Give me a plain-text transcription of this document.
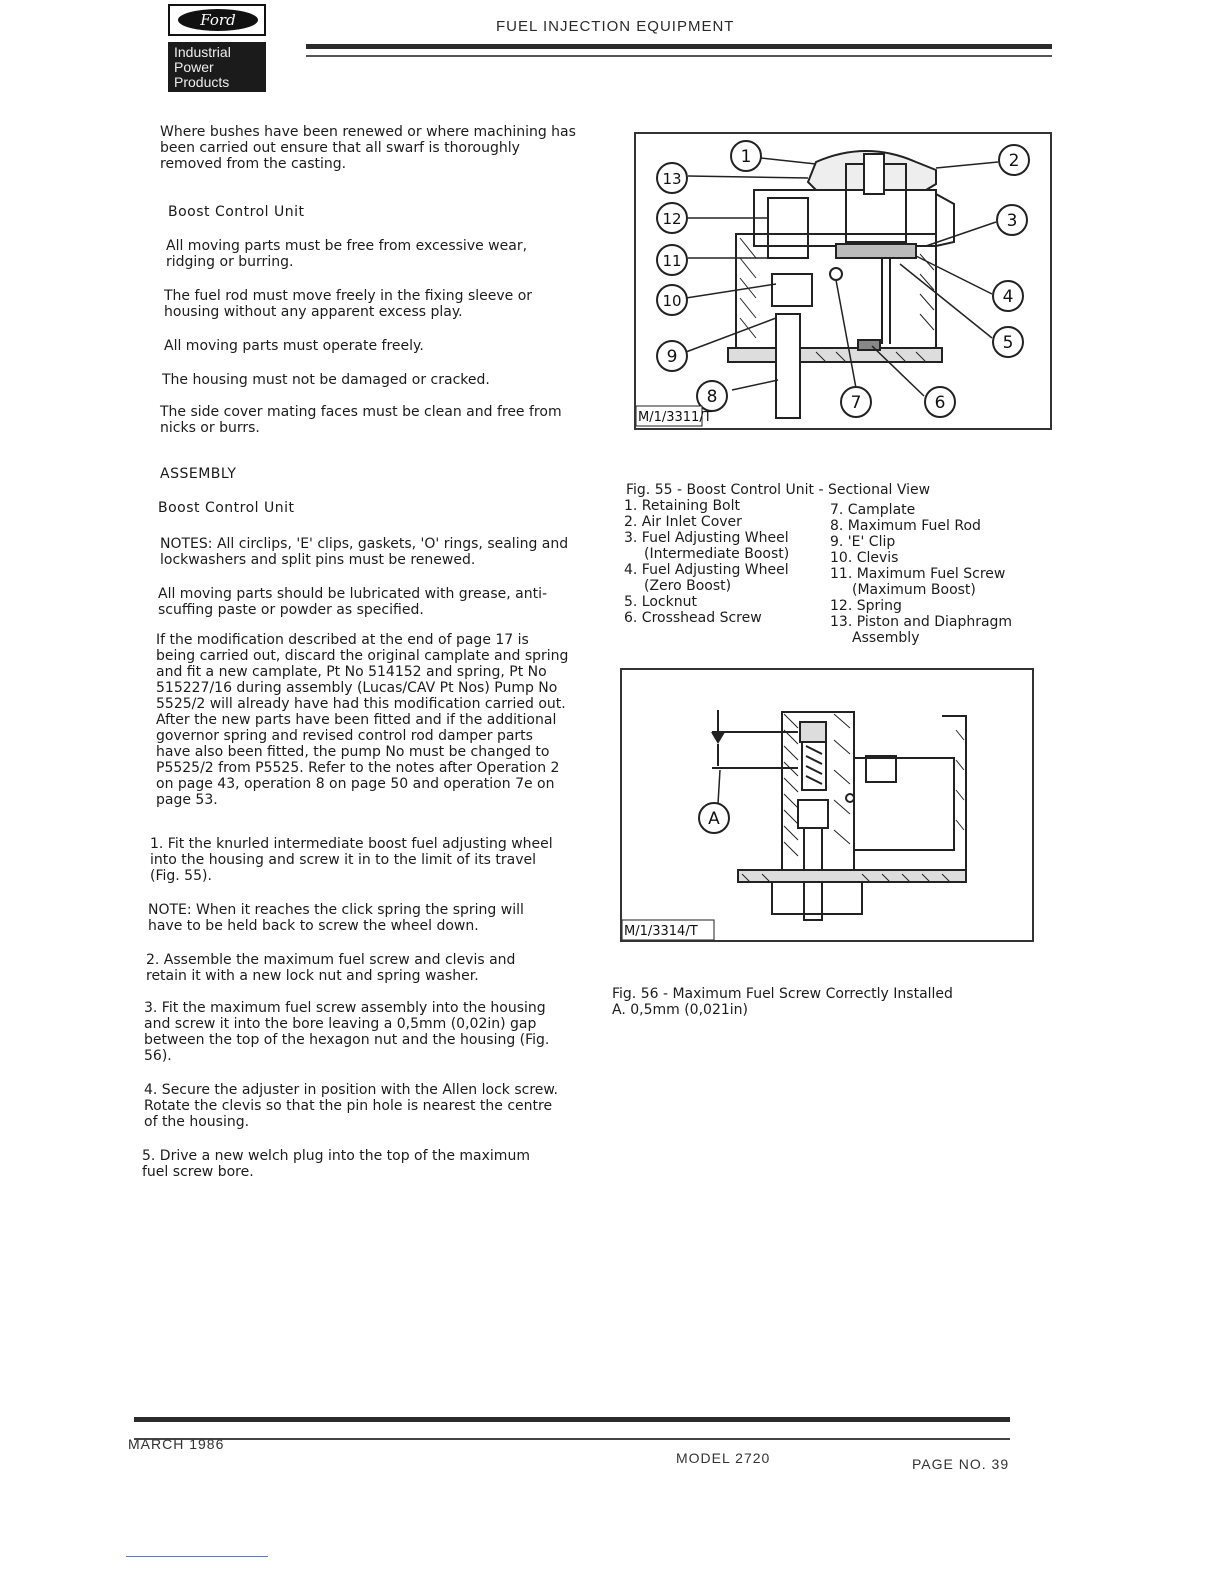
Ford
Industrial
Power
Products
FUEL INJECTION EQUIPMENT
Where bushes have been renewed or where machining has been carried out ensure that all swarf is thoroughly removed from the casting.
Boost Control Unit
All moving parts must be free from excessive wear, ridging or burring.
The fuel rod must move freely in the fixing sleeve or housing without any apparent excess play.
All moving parts must operate freely.
The housing must not be damaged or cracked.
The side cover mating faces must be clean and free from nicks or burrs.
ASSEMBLY
Boost Control Unit
NOTES: All circlips, 'E' clips, gaskets, 'O' rings, sealing and lockwashers and split pins must be renewed.
All moving parts should be lubricated with grease, anti-scuffing paste or powder as specified.
If the modification described at the end of page 17 is being carried out, discard the original camplate and spring and fit a new camplate, Pt No 514152 and spring, Pt No 515227/16 during assembly (Lucas/CAV Pt Nos) Pump No 5525/2 will already have had this modification carried out. After the new parts have been fitted and if the additional governor spring and revised control rod damper parts have also been fitted, the pump No must be changed to P5525/2 from P5525. Refer to the notes after Operation 2 on page 43, operation 8 on page 50 and operation 7e on page 53.
1. Fit the knurled intermediate boost fuel adjusting wheel into the housing and screw it in to the limit of its travel (Fig. 55).
NOTE: When it reaches the click spring the spring will have to be held back to screw the wheel down.
2. Assemble the maximum fuel screw and clevis and retain it with a new lock nut and spring washer.
3. Fit the maximum fuel screw assembly into the housing and screw it into the bore leaving a 0,5mm (0,02in) gap between the top of the hexagon nut and the housing (Fig. 56).
4. Secure the adjuster in position with the Allen lock screw. Rotate the clevis so that the pin hole is nearest the centre of the housing.
5. Drive a new welch plug into the top of the maximum fuel screw bore.
1	2
3
4
5
6
7
8
9
10
11
12
13
M/1/3311/T
Fig. 55 - Boost Control Unit - Sectional View
1. Retaining Bolt
2. Air Inlet Cover
3. Fuel Adjusting Wheel
(Intermediate Boost)
4. Fuel Adjusting Wheel
(Zero Boost)
5. Locknut
6. Crosshead Screw
7. Camplate
8. Maximum Fuel Rod
9. 'E' Clip
10. Clevis
11. Maximum Fuel Screw
(Maximum Boost)
12. Spring
13. Piston and Diaphragm
Assembly
A
M/1/3314/T
Fig. 56 - Maximum Fuel Screw Correctly Installed
A. 0,5mm (0,021in)
MARCH 1986
MODEL 2720	PAGE NO. 39
